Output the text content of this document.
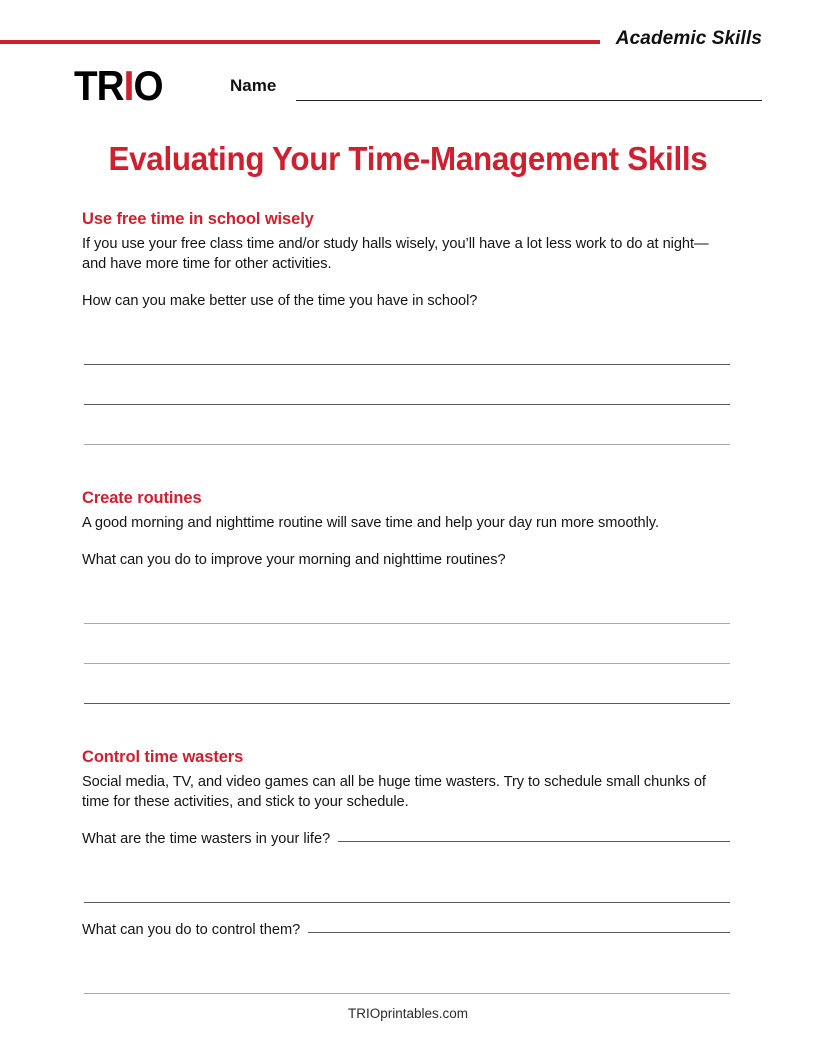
Academic Skills
TRIO	Name
Evaluating Your Time-Management Skills
Use free time in school wisely

If you use your free class time and/or study halls wisely, you’ll have a lot less work to do at night—and have more time for other activities.

How can you make better use of the time you have in school?

Create routines

A good morning and nighttime routine will save time and help your day run more smoothly.

What can you do to improve your morning and nighttime routines?

Control time wasters

Social media, TV, and video games can all be huge time wasters. Try to schedule small chunks of time for these activities, and stick to your schedule.

What are the time wasters in your life?
What can you do to control them?
TRIOprintables.com
